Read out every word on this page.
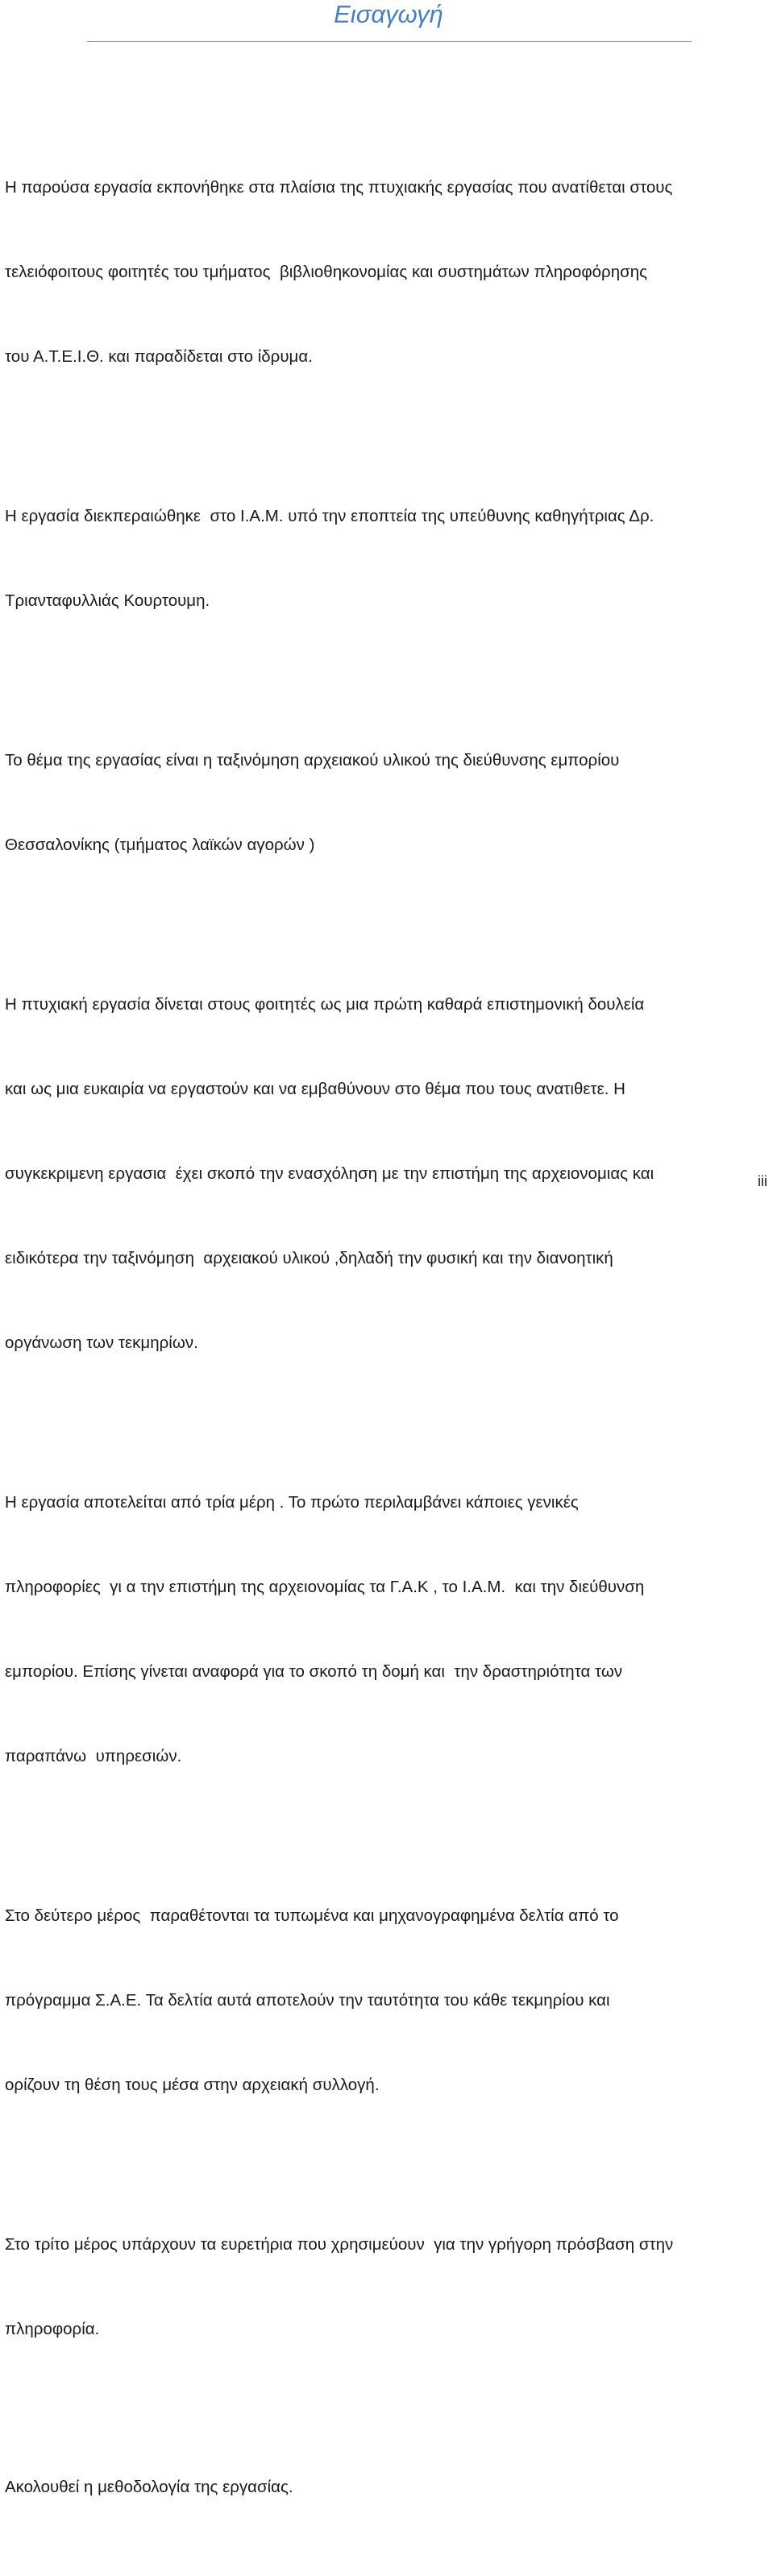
Εισαγωγή

Η παρούσα εργασία εκπονήθηκε στα πλαίσια της πτυχιακής εργασίας που ανατίθεται στους

τελειόφοιτους φοιτητές του τμήματος  βιβλιοθηκονομίας και συστημάτων πληροφόρησης

του Α.Τ.Ε.Ι.Θ. και παραδίδεται στο ίδρυμα.

Η εργασία διεκπεραιώθηκε  στο Ι.Α.Μ. υπό την εποπτεία της υπεύθυνης καθηγήτριας Δρ.

Τριανταφυλλιάς Κουρτουμη.

Το θέμα της εργασίας είναι η ταξινόμηση αρχειακού υλικού της διεύθυνσης εμπορίου

Θεσσαλονίκης (τμήματος λαϊκών αγορών )

Η πτυχιακή εργασία δίνεται στους φοιτητές ως μια πρώτη καθαρά επιστημονική δουλεία

και ως μια ευκαιρία να εργαστούν και να εμβαθύνουν στο θέμα που τους ανατιθετε. Η

συγκεκριμενη εργασια  έχει σκοπό την ενασχόληση με την επιστήμη της αρχειονομιας και

ειδικότερα την ταξινόμηση  αρχειακού υλικού ,δηλαδή την φυσική και την διανοητική

οργάνωση των τεκμηρίων.

Η εργασία αποτελείται από τρία μέρη . Το πρώτο περιλαμβάνει κάποιες γενικές

πληροφορίες  γι α την επιστήμη της αρχειονομίας τα Γ.Α.Κ , το Ι.Α.Μ.  και την διεύθυνση

εμπορίου. Επίσης γίνεται αναφορά για το σκοπό τη δομή και  την δραστηριότητα των

παραπάνω  υπηρεσιών.

Στο δεύτερο μέρος  παραθέτονται τα τυπωμένα και μηχανογραφημένα δελτία από το

πρόγραμμα Σ.Α.Ε. Τα δελτία αυτά αποτελούν την ταυτότητα του κάθε τεκμηρίου και

ορίζουν τη θέση τους μέσα στην αρχειακή συλλογή.

Στο τρίτο μέρος υπάρχουν τα ευρετήρια που χρησιμεύουν  για την γρήγορη πρόσβαση στην

πληροφορία.

Ακολουθεί η μεθοδολογία της εργασίας.

iii
